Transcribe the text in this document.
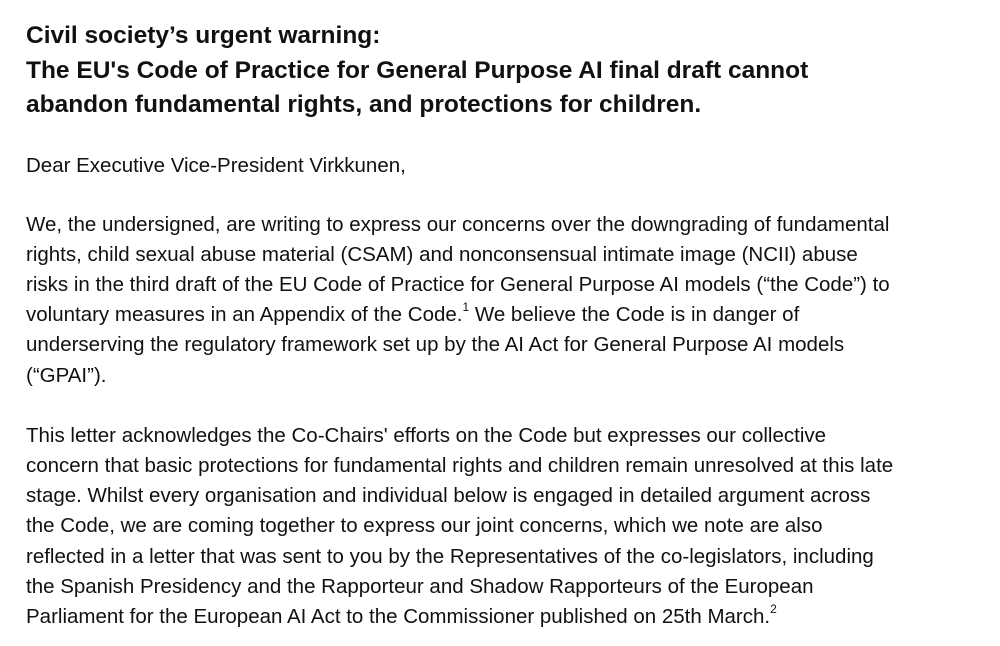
Civil society’s urgent warning:
The EU's Code of Practice for General Purpose AI final draft cannot
abandon fundamental rights, and protections for children.

Dear Executive Vice-President Virkkunen,

We, the undersigned, are writing to express our concerns over the downgrading of fundamental
rights, child sexual abuse material (CSAM) and nonconsensual intimate image (NCII) abuse
risks in the third draft of the EU Code of Practice for General Purpose AI models (“the Code”) to
voluntary measures in an Appendix of the Code.$^1$ We believe the Code is in danger of
underserving the regulatory framework set up by the AI Act for General Purpose AI models
(“GPAI”).

This letter acknowledges the Co-Chairs' efforts on the Code but expresses our collective
concern that basic protections for fundamental rights and children remain unresolved at this late
stage. Whilst every organisation and individual below is engaged in detailed argument across
the Code, we are coming together to express our joint concerns, which we note are also
reflected in a letter that was sent to you by the Representatives of the co-legislators, including
the Spanish Presidency and the Rapporteur and Shadow Rapporteurs of the European
Parliament for the European AI Act to the Commissioner published on 25th March.$^2$
